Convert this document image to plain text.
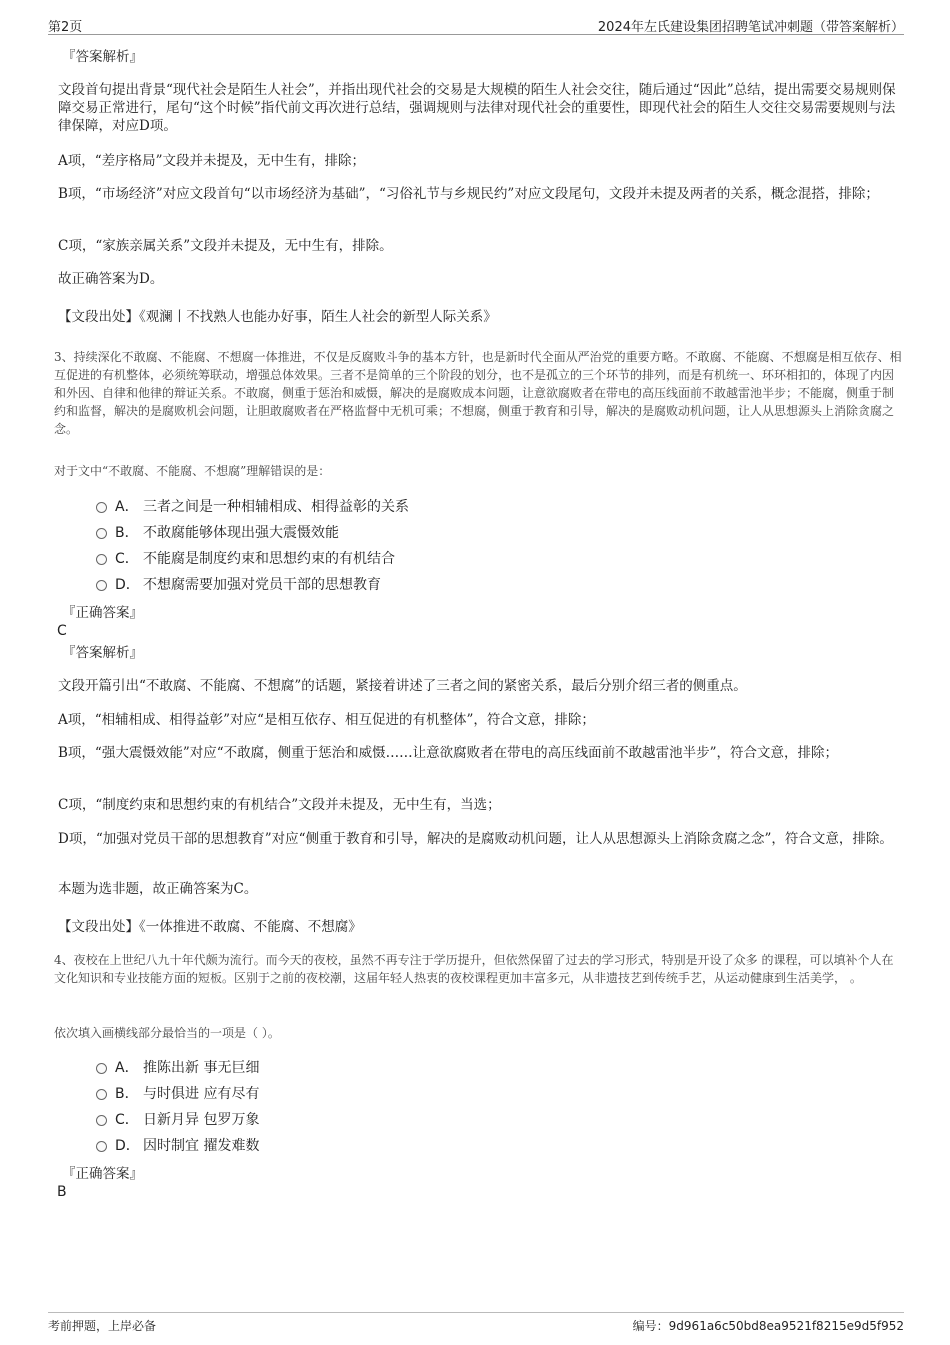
第2页	2024年左氏建设集团招聘笔试冲刺题（带答案解析）
『答案解析』
文段首句提出背景“现代社会是陌生人社会”，并指出现代社会的交易是大规模的陌生人社会交往，随后通过“因此”总结，提出需要交易规则保障交易正常进行，尾句“这个时候”指代前文再次进行总结，强调规则与法律对现代社会的重要性，即现代社会的陌生人交往交易需要规则与法律保障，对应D项。
A项，“差序格局”文段并未提及，无中生有，排除；
B项，“市场经济”对应文段首句“以市场经济为基础”，“习俗礼节与乡规民约”对应文段尾句，文段并未提及两者的关系，概念混搭，排除；
C项，“家族亲属关系”文段并未提及，无中生有，排除。
故正确答案为D。
【文段出处】《观澜丨不找熟人也能办好事，陌生人社会的新型人际关系》
3、持续深化不敢腐、不能腐、不想腐一体推进，不仅是反腐败斗争的基本方针，也是新时代全面从严治党的重要方略。不敢腐、不能腐、不想腐是相互依存、相互促进的有机整体，必须统筹联动，增强总体效果。三者不是简单的三个阶段的划分，也不是孤立的三个环节的排列，而是有机统一、环环相扣的，体现了内因和外因、自律和他律的辩证关系。不敢腐，侧重于惩治和威慑，解决的是腐败成本问题，让意欲腐败者在带电的高压线面前不敢越雷池半步；不能腐，侧重于制约和监督，解决的是腐败机会问题，让胆敢腐败者在严格监督中无机可乘；不想腐，侧重于教育和引导，解决的是腐败动机问题，让人从思想源头上消除贪腐之念。
对于文中“不敢腐、不能腐、不想腐”理解错误的是：
A． 三者之间是一种相辅相成、相得益彰的关系
B． 不敢腐能够体现出强大震慑效能
C． 不能腐是制度约束和思想约束的有机结合
D． 不想腐需要加强对党员干部的思想教育
『正确答案』
C
『答案解析』
文段开篇引出“不敢腐、不能腐、不想腐”的话题，紧接着讲述了三者之间的紧密关系，最后分别介绍三者的侧重点。
A项，“相辅相成、相得益彰”对应“是相互依存、相互促进的有机整体”，符合文意，排除；
B项，“强大震慑效能”对应“不敢腐，侧重于惩治和威慑……让意欲腐败者在带电的高压线面前不敢越雷池半步”，符合文意，排除；
C项，“制度约束和思想约束的有机结合”文段并未提及，无中生有，当选；
D项，“加强对党员干部的思想教育”对应“侧重于教育和引导，解决的是腐败动机问题，让人从思想源头上消除贪腐之念”，符合文意，排除。
本题为选非题，故正确答案为C。
【文段出处】《一体推进不敢腐、不能腐、不想腐》
4、夜校在上世纪八九十年代颇为流行。而今天的夜校，虽然不再专注于学历提升，但依然保留了过去的学习形式，特别是开设了众多 的课程，可以填补个人在文化知识和专业技能方面的短板。区别于之前的夜校潮，这届年轻人热衷的夜校课程更加丰富多元，从非遗技艺到传统手艺，从运动健康到生活美学， 。
依次填入画横线部分最恰当的一项是（ ）。
A． 推陈出新 事无巨细
B． 与时俱进 应有尽有
C． 日新月异 包罗万象
D． 因时制宜 擢发难数
『正确答案』
B
考前押题，上岸必备	编号：9d961a6c50bd8ea9521f8215e9d5f952
